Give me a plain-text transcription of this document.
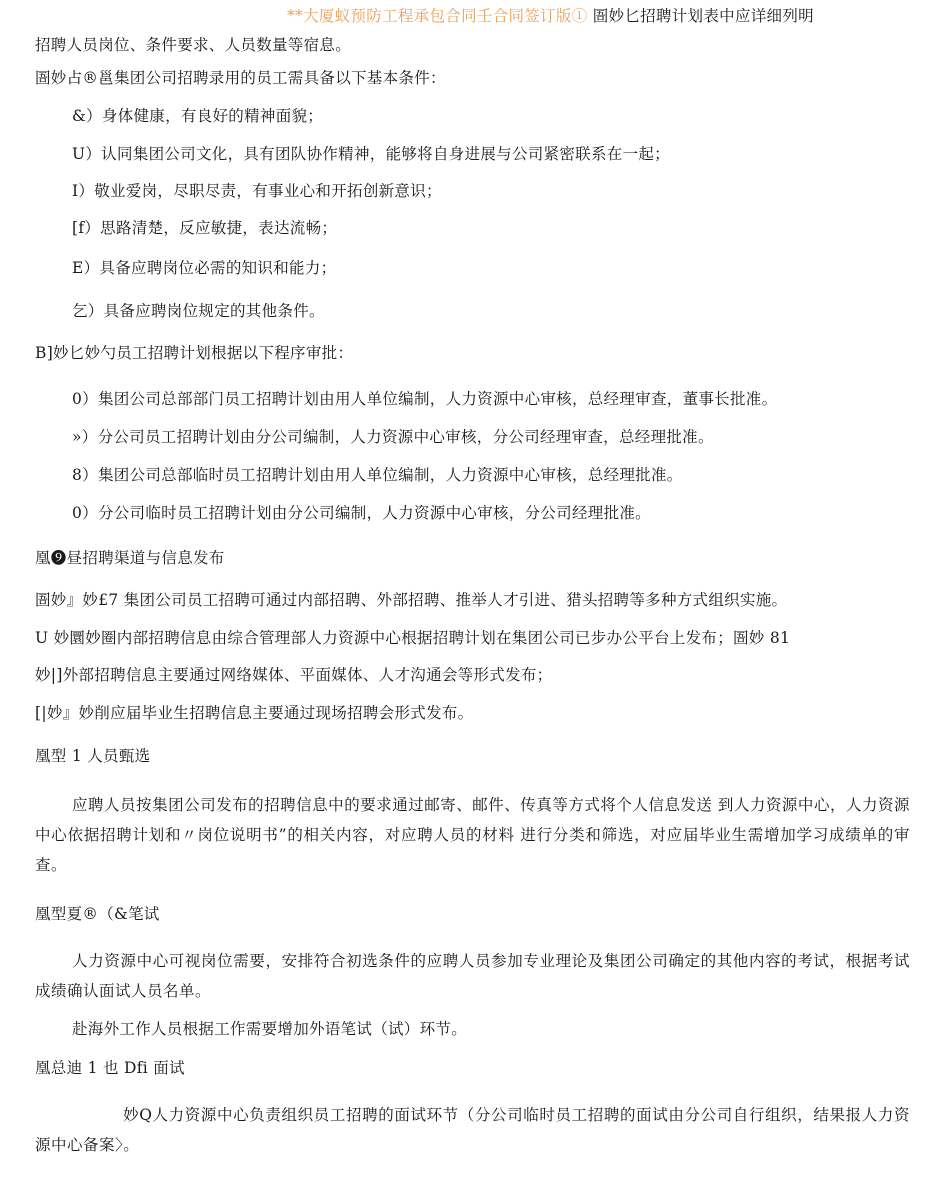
**大厦蚁预防工程承包合同壬合同签订版① 圄妙匕招聘计划表中应详细列明
招聘人员岗位、条件要求、人员数量等宿息。
圄妙占®邕集团公司招聘录用的员工需具备以下基本条件：
&）身体健康，有良好的精神面貌；
U）认同集团公司文化，具有团队协作精神，能够将自身进展与公司紧密联系在一起；
I）敬业爱岗，尽职尽责，有事业心和开拓创新意识；
[f）思路清楚，反应敏捷，表达流畅；
E）具备应聘岗位必需的知识和能力；
乞）具备应聘岗位规定的其他条件。
B]妙匕妙勺员工招聘计划根据以下程序审批：
0）集团公司总部部门员工招聘计划由用人单位编制，人力资源中心审核，总经理审查，董事长批准。
»）分公司员工招聘计划由分公司编制，人力资源中心审核，分公司经理审查，总经理批准。
8）集团公司总部临时员工招聘计划由用人单位编制，人力资源中心审核，总经理批准。
0）分公司临时员工招聘计划由分公司编制，人力资源中心审核，分公司经理批准。
凰❾昼招聘渠道与信息发布
圄妙』妙£7 集团公司员工招聘可通过内部招聘、外部招聘、推举人才引进、猎头招聘等多种方式组织实施。
U 妙圜妙圈内部招聘信息由综合管理部人力资源中心根据招聘计划在集团公司已步办公平台上发布；圄妙 81
妙|]外部招聘信息主要通过网络媒体、平面媒体、人才沟通会等形式发布；
[|妙』妙削应届毕业生招聘信息主要通过现场招聘会形式发布。
凰型 1 人员甄选
应聘人员按集团公司发布的招聘信息中的要求通过邮寄、邮件、传真等方式将个人信息发送 到人力资源中心，人力资源中心依据招聘计划和〃岗位说明书”的相关内容，对应聘人员的材料 进行分类和筛选，对应届毕业生需增加学习成绩单的审查。
凰型夏®（&笔试
人力资源中心可视岗位需要，安排符合初选条件的应聘人员参加专业理论及集团公司确定的其他内容的考试，根据考试成绩确认面试人员名单。
赴海外工作人员根据工作需要增加外语笔试（试）环节。
凰总迪 1 也 Dfi 面试
妙Q人力资源中心负责组织员工招聘的面试环节（分公司临时员工招聘的面试由分公司自行组织，结果报人力资源中心备案〉。
